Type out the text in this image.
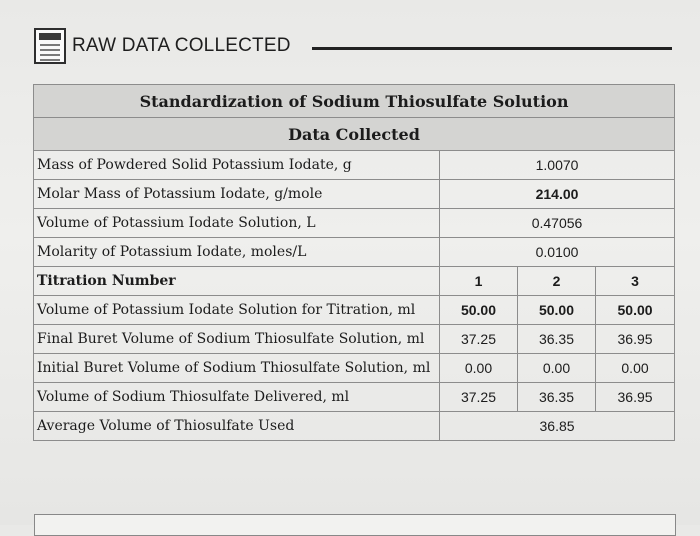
RAW DATA COLLECTED
Standardization of Sodium Thiosulfate Solution			
Data Collected			
Mass of Powdered Solid Potassium Iodate, g	1.0070		
Molar Mass of Potassium Iodate, g/mole	214.00		
Volume of Potassium Iodate Solution, L	0.47056		
Molarity of Potassium Iodate, moles/L	0.0100		
Titration Number	1	2	3
Volume of Potassium Iodate Solution for Titration, ml	50.00	50.00	50.00
Final Buret Volume of Sodium Thiosulfate Solution, ml	37.25	36.35	36.95
Initial Buret Volume of Sodium Thiosulfate Solution, ml	0.00	0.00	0.00
Volume of Sodium Thiosulfate Delivered, ml	37.25	36.35	36.95
Average Volume of Thiosulfate Used	36.85		
